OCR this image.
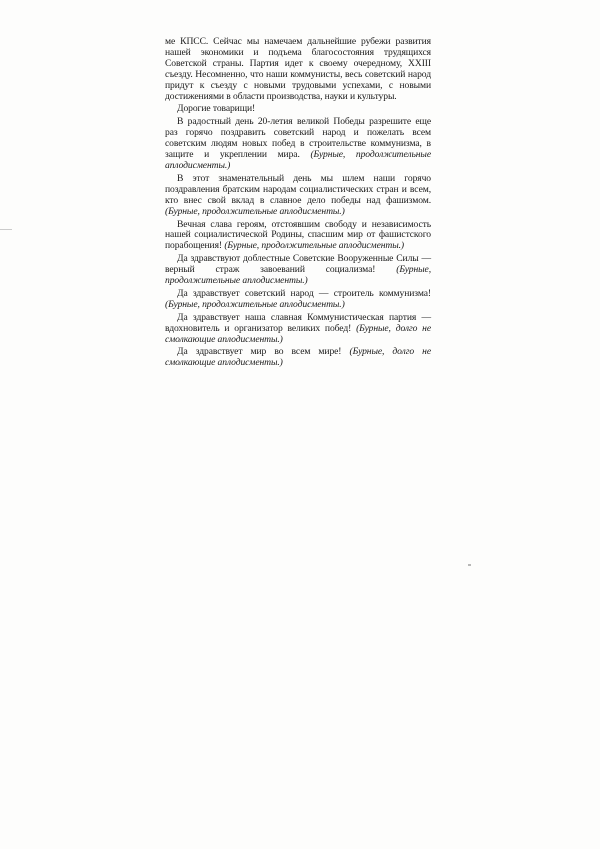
ме КПСС. Сейчас мы намечаем дальнейшие рубежи развития нашей экономики и подъема благосостояния трудящихся Советской страны. Партия идет к своему очередному, XXIII съезду. Несомненно, что наши коммунисты, весь советский народ придут к съезду с новыми трудовыми успехами, с новыми достижениями в области производства, науки и культуры.

Дорогие товарищи!

В радостный день 20-летия великой Победы разрешите еще раз горячо поздравить советский народ и пожелать всем советским людям новых побед в строительстве коммунизма, в защите и укреплении мира. (Бурные, продолжительные аплодисменты.)

В этот знаменательный день мы шлем наши горячо поздравления братским народам социалистических стран и всем, кто внес свой вклад в славное дело победы над фашизмом. (Бурные, продолжительные аплодисменты.)

Вечная слава героям, отстоявшим свободу и независимость нашей социалистической Родины, спасшим мир от фашистского порабощения! (Бурные, продолжительные аплодисменты.)

Да здравствуют доблестные Советские Вооруженные Силы — верный страж завоеваний социализма! (Бурные, продолжительные аплодисменты.)

Да здравствует советский народ — строитель коммунизма! (Бурные, продолжительные аплодисменты.)

Да здравствует наша славная Коммунистическая партия — вдохновитель и организатор великих побед! (Бурные, долго не смолкающие аплодисменты.)

Да здравствует мир во всем мире! (Бурные, долго не смолкающие аплодисменты.)
